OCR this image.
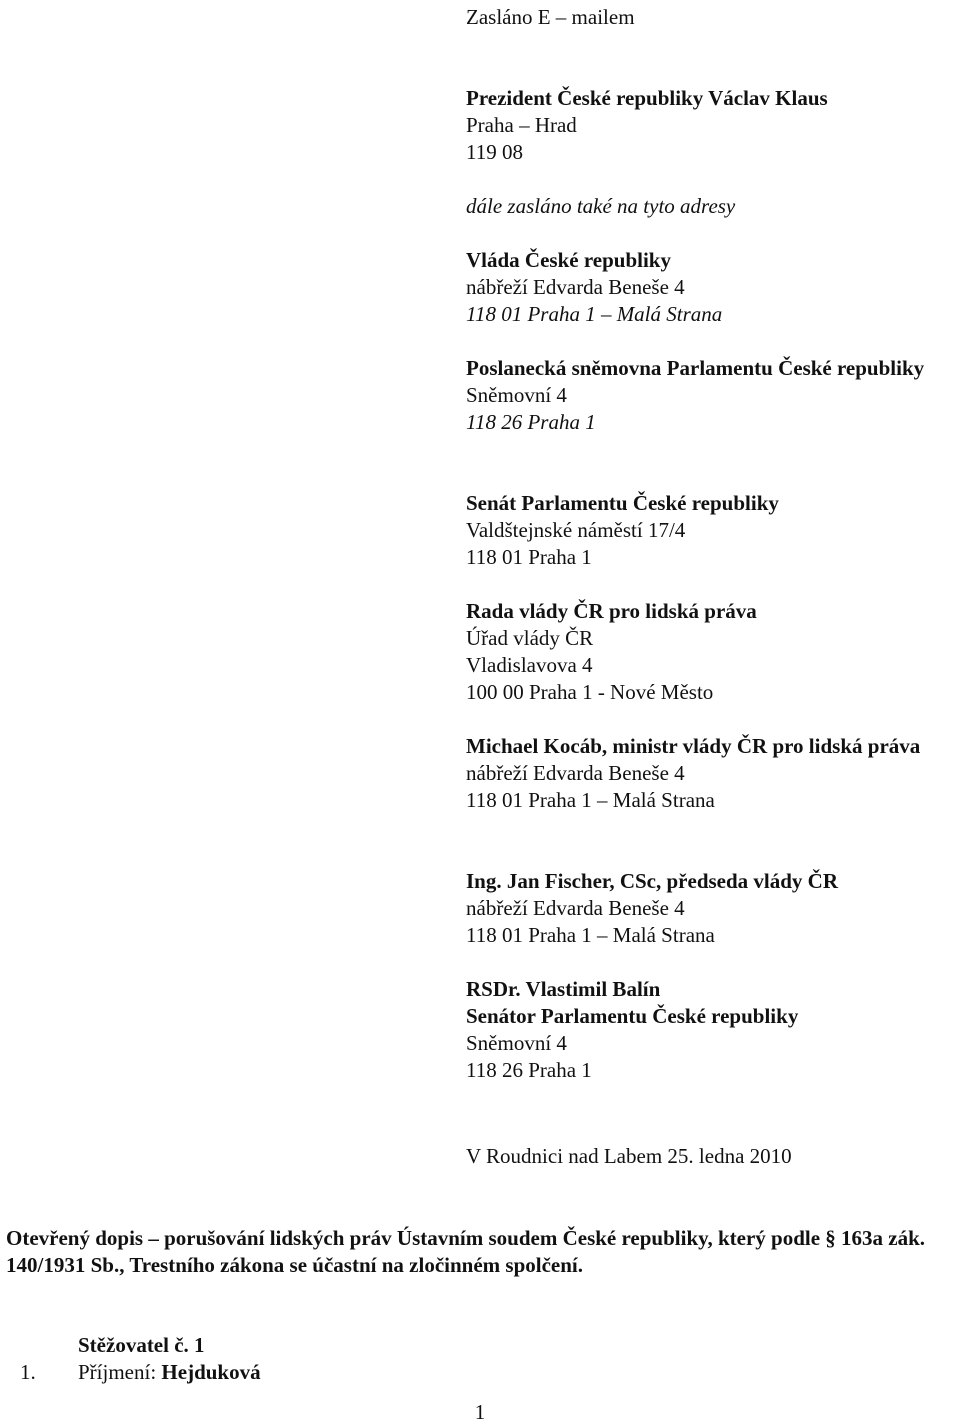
Zasláno E – mailem
Prezident České republiky Václav Klaus
Praha – Hrad
119 08
dále zasláno také na tyto adresy
Vláda České republiky
nábřeží Edvarda Beneše 4
118 01 Praha 1 – Malá Strana
Poslanecká sněmovna Parlamentu České republiky
Sněmovní 4
118 26 Praha 1
Senát Parlamentu České republiky
Valdštejnské náměstí 17/4
118 01 Praha 1
Rada vlády ČR pro lidská práva
Úřad vlády ČR
Vladislavova 4
100 00 Praha 1 - Nové Město
Michael Kocáb, ministr vlády ČR pro lidská práva
nábřeží Edvarda Beneše 4
118 01 Praha 1 – Malá Strana
Ing. Jan Fischer, CSc, předseda vlády ČR
nábřeží Edvarda Beneše 4
118 01 Praha 1 – Malá Strana
RSDr. Vlastimil Balín
Senátor Parlamentu České republiky
Sněmovní 4
118 26 Praha 1
V Roudnici nad Labem 25. ledna 2010
Otevřený dopis – porušování lidských práv Ústavním soudem České republiky, který podle § 163a zák. 140/1931 Sb., Trestního zákona se účastní na zločinném spolčení.
Stěžovatel č. 1
1. Příjmení: Hejduková
1
